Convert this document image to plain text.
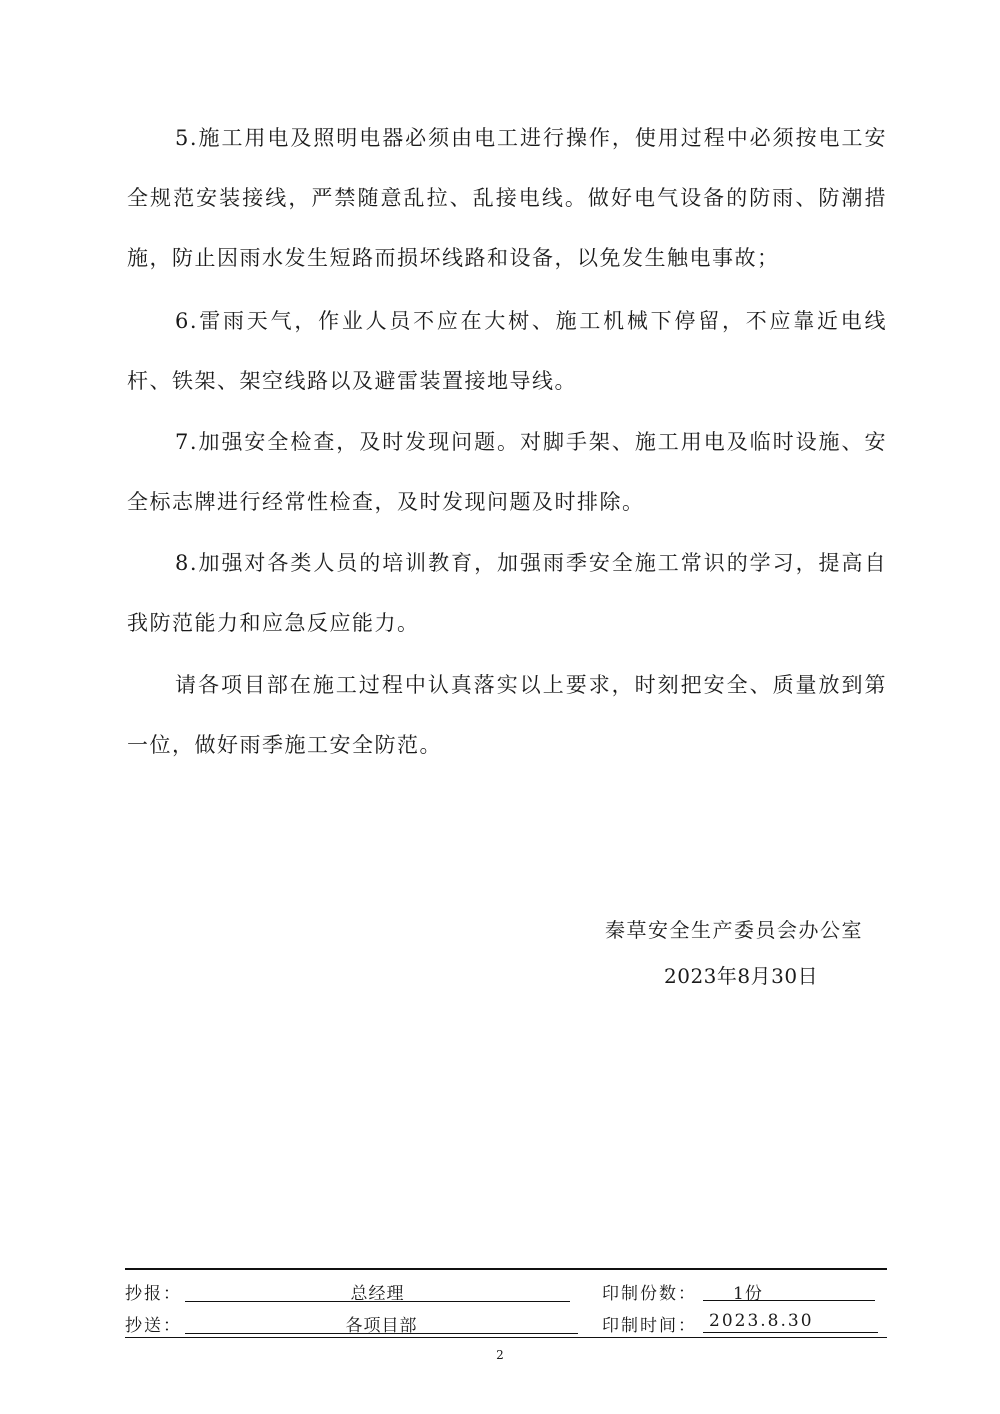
5.施工用电及照明电器必须由电工进行操作，使用过程中必须按电工安全规范安装接线，严禁随意乱拉、乱接电线。做好电气设备的防雨、防潮措施，防止因雨水发生短路而损坏线路和设备，以免发生触电事故；

6.雷雨天气，作业人员不应在大树、施工机械下停留，不应靠近电线杆、铁架、架空线路以及避雷装置接地导线。

7.加强安全检查，及时发现问题。对脚手架、施工用电及临时设施、安全标志牌进行经常性检查，及时发现问题及时排除。

8.加强对各类人员的培训教育，加强雨季安全施工常识的学习，提高自我防范能力和应急反应能力。

请各项目部在施工过程中认真落实以上要求，时刻把安全、质量放到第一位，做好雨季施工安全防范。

秦草安全生产委员会办公室
2023年8月30日
抄报：	总经理	印制份数：	1份
抄送：	各项目部	印制时间： 2023.8.30
2
